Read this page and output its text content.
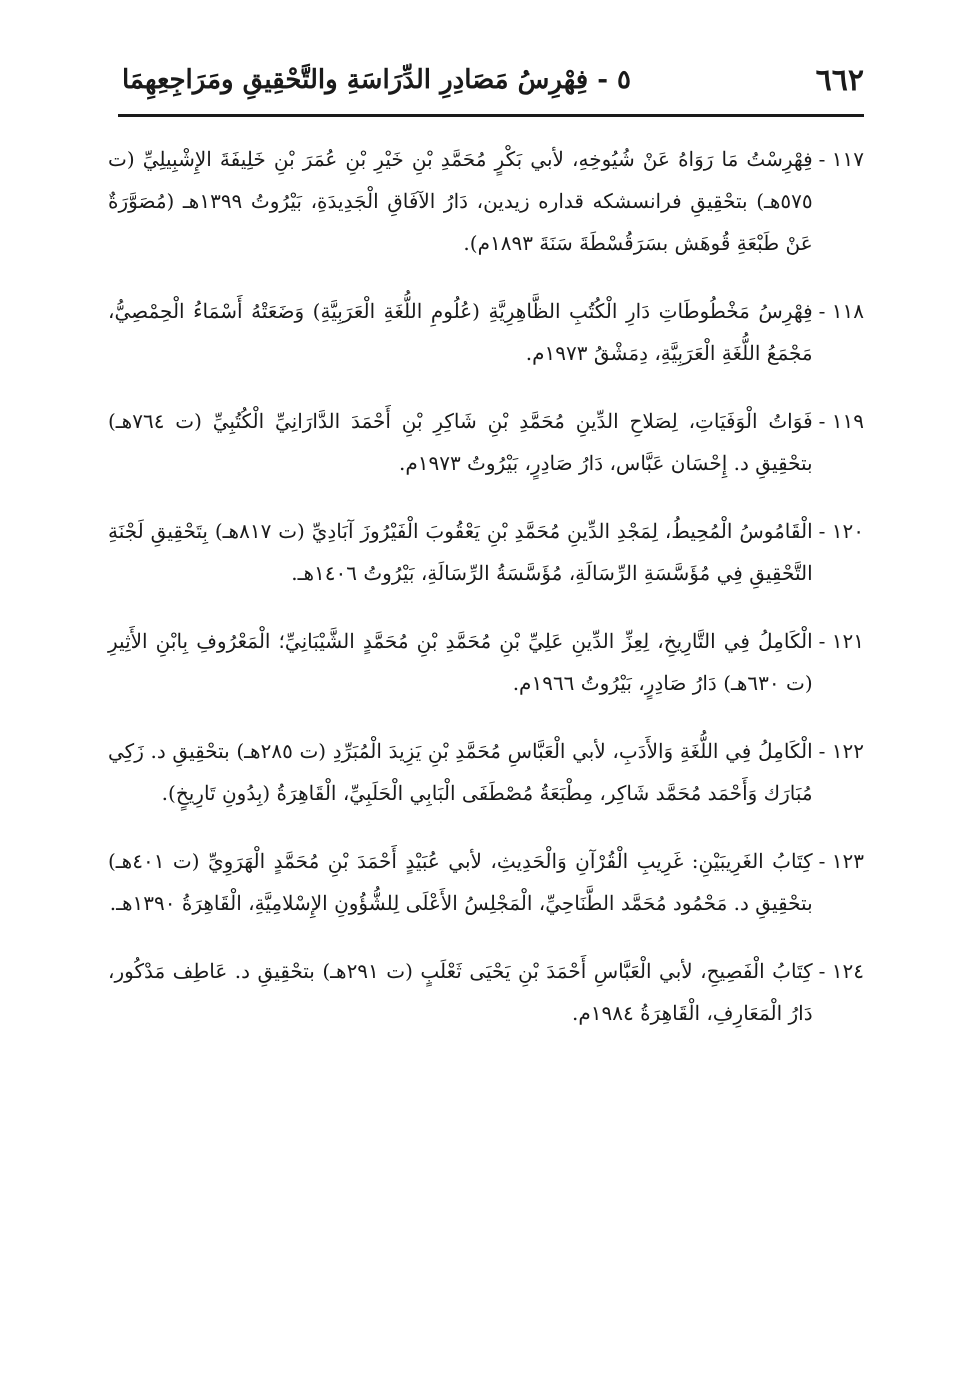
٦٦٢
٥ - فِهْرِسُ مَصَادِرِ الدِّرَاسَةِ والتَّحْقِيقِ ومَرَاجِعِهِمَا
١١٧ -
فِهْرِسْتُ مَا رَوَاهُ عَنْ شُيُوخِهِ، لأبي بَكْرٍ مُحَمَّدِ بْنِ خَيْرِ بْنِ عُمَرَ بْنِ خَلِيفَةَ الإِشْبِيلِيِّ (ت ٥٧٥هـ) بتحْقِيقِ فرانسشكه قداره زيدين، دَارُ الآفَاقِ الْجَدِيدَةِ، بَيْرُوتُ ١٣٩٩هـ (مُصَوَّرَةٌ عَنْ طَبْعَةِ قُوهَش بسَرَقُسْطَةَ سَنَةَ ١٨٩٣م).
١١٨ -
فِهْرِسُ مَخْطُوطَاتِ دَارِ الْكُتُبِ الظَّاهِرِيَّةِ (عُلُومِ اللُّغَةِ الْعَرَبِيَّةِ) وَضَعَتْهُ أَسْمَاءُ الْحِمْصِيُّ، مَجْمَعُ اللُّغَةِ الْعَرَبِيَّةِ، دِمَشْقُ ١٩٧٣م.
١١٩ -
فَوَاتُ الْوَفَيَاتِ، لِصَلاحِ الدِّينِ مُحَمَّدِ بْنِ شَاكِرِ بْنِ أَحْمَدَ الدَّارَانِيِّ الْكُتُبِيِّ (ت ٧٦٤هـ) بتحْقِيقِ د. إِحْسَان عَبَّاس، دَارُ صَادِرٍ، بَيْرُوتُ ١٩٧٣م.
١٢٠ -
الْقَامُوسُ الْمُحِيطُ، لِمَجْدِ الدِّينِ مُحَمَّدِ بْنِ يَعْقُوبَ الْفَيْرُوزَ آبَادِيِّ (ت ٨١٧هـ) بِتَحْقِيقِ لَجْنَةِ التَّحْقِيقِ فِي مُؤَسَّسَةِ الرِّسَالَةِ، مُؤَسَّسَةُ الرِّسَالَةِ، بَيْرُوتُ ١٤٠٦هـ.
١٢١ -
الْكَامِلُ فِي التَّارِيخِ، لِعِزِّ الدِّينِ عَلِيِّ بْنِ مُحَمَّدِ بْنِ مُحَمَّدٍ الشَّيْبَانِيِّ؛ الْمَعْرُوفِ بِابْنِ الأَثِيرِ (ت ٦٣٠هـ) دَارُ صَادِرٍ، بَيْرُوتُ ١٩٦٦م.
١٢٢ -
الْكَامِلُ فِي اللُّغَةِ وَالأَدَبِ، لأبي الْعَبَّاسِ مُحَمَّدِ بْنِ يَزِيدَ الْمُبَرِّدِ (ت ٢٨٥هـ) بتحْقِيقِ د. زَكِي مُبَارَك وَأَحْمَد مُحَمَّد شَاكِر، مِطْبَعَةُ مُصْطَفَى الْبَابِي الْحَلَبِيِّ، الْقَاهِرَةُ (بِدُونِ تَارِيخٍ).
١٢٣ -
كِتَابُ الغَرِيبَيْنِ: غَرِيبِ الْقُرْآنِ وَالْحَدِيثِ، لأبي عُبَيْدٍ أَحْمَدَ بْنِ مُحَمَّدٍ الْهَرَوِيِّ (ت ٤٠١هـ) بتحْقِيقِ د. مَحْمُود مُحَمَّد الطَّنَاحِيِّ، الْمَجْلِسُ الأَعْلَى لِلشُّؤُونِ الإِسْلامِيَّةِ، الْقَاهِرَةُ ١٣٩٠هـ.
١٢٤ -
كِتَابُ الْفَصِيحِ، لأبي الْعَبَّاسِ أَحْمَدَ بْنِ يَحْيَى ثَعْلَبٍ (ت ٢٩١هـ) بتحْقِيقِ د. عَاطِف مَدْكُور، دَارُ الْمَعَارِفِ، الْقَاهِرَةُ ١٩٨٤م.
